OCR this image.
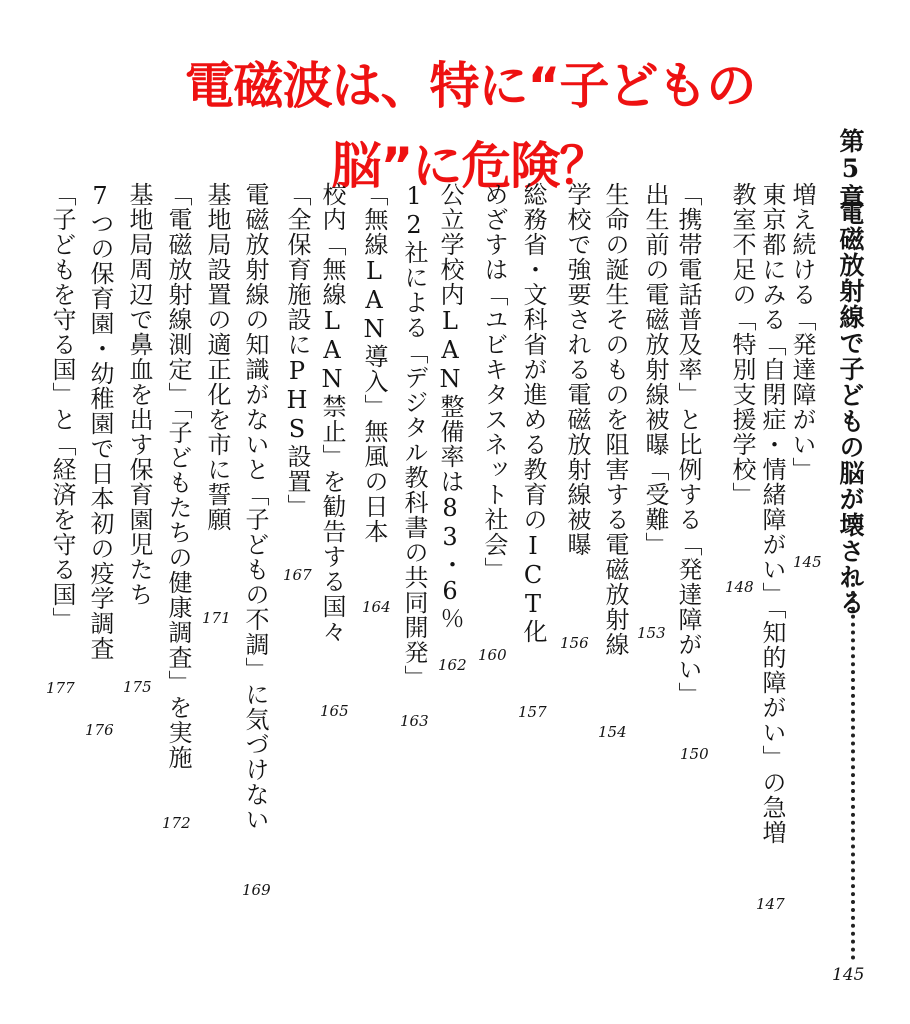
電磁波は、特に“子どもの脳”に危険？	第5章
電磁放射線で子どもの脳が壊される
145
増え続ける「発達障がい」
145
東京都にみる「自閉症・情緒障がい」「知的障がい」の急増
147
教室不足の「特別支援学校」
148
「携帯電話普及率」と比例する「発達障がい」
150
出生前の電磁放射線被曝「受難」
153
生命の誕生そのものを阻害する電磁放射線
154
学校で強要される電磁放射線被曝
156
総務省・文科省が進める教育のICT化
157
めざすは「ユビキタスネット社会」
160
公立学校内LAN整備率は83・6％
162
12社による「デジタル教科書の共同開発」
163
「無線LAN導入」無風の日本
164
校内「無線LAN禁止」を勧告する国々
165
「全保育施設にPHS設置」
167
電磁放射線の知識がないと「子どもの不調」に気づけない
169
基地局設置の適正化を市に誓願
171
「電磁放射線測定」「子どもたちの健康調査」を実施
172
基地局周辺で鼻血を出す保育園児たち
175
7つの保育園・幼稚園で日本初の疫学調査
176
「子どもを守る国」と「経済を守る国」
177
